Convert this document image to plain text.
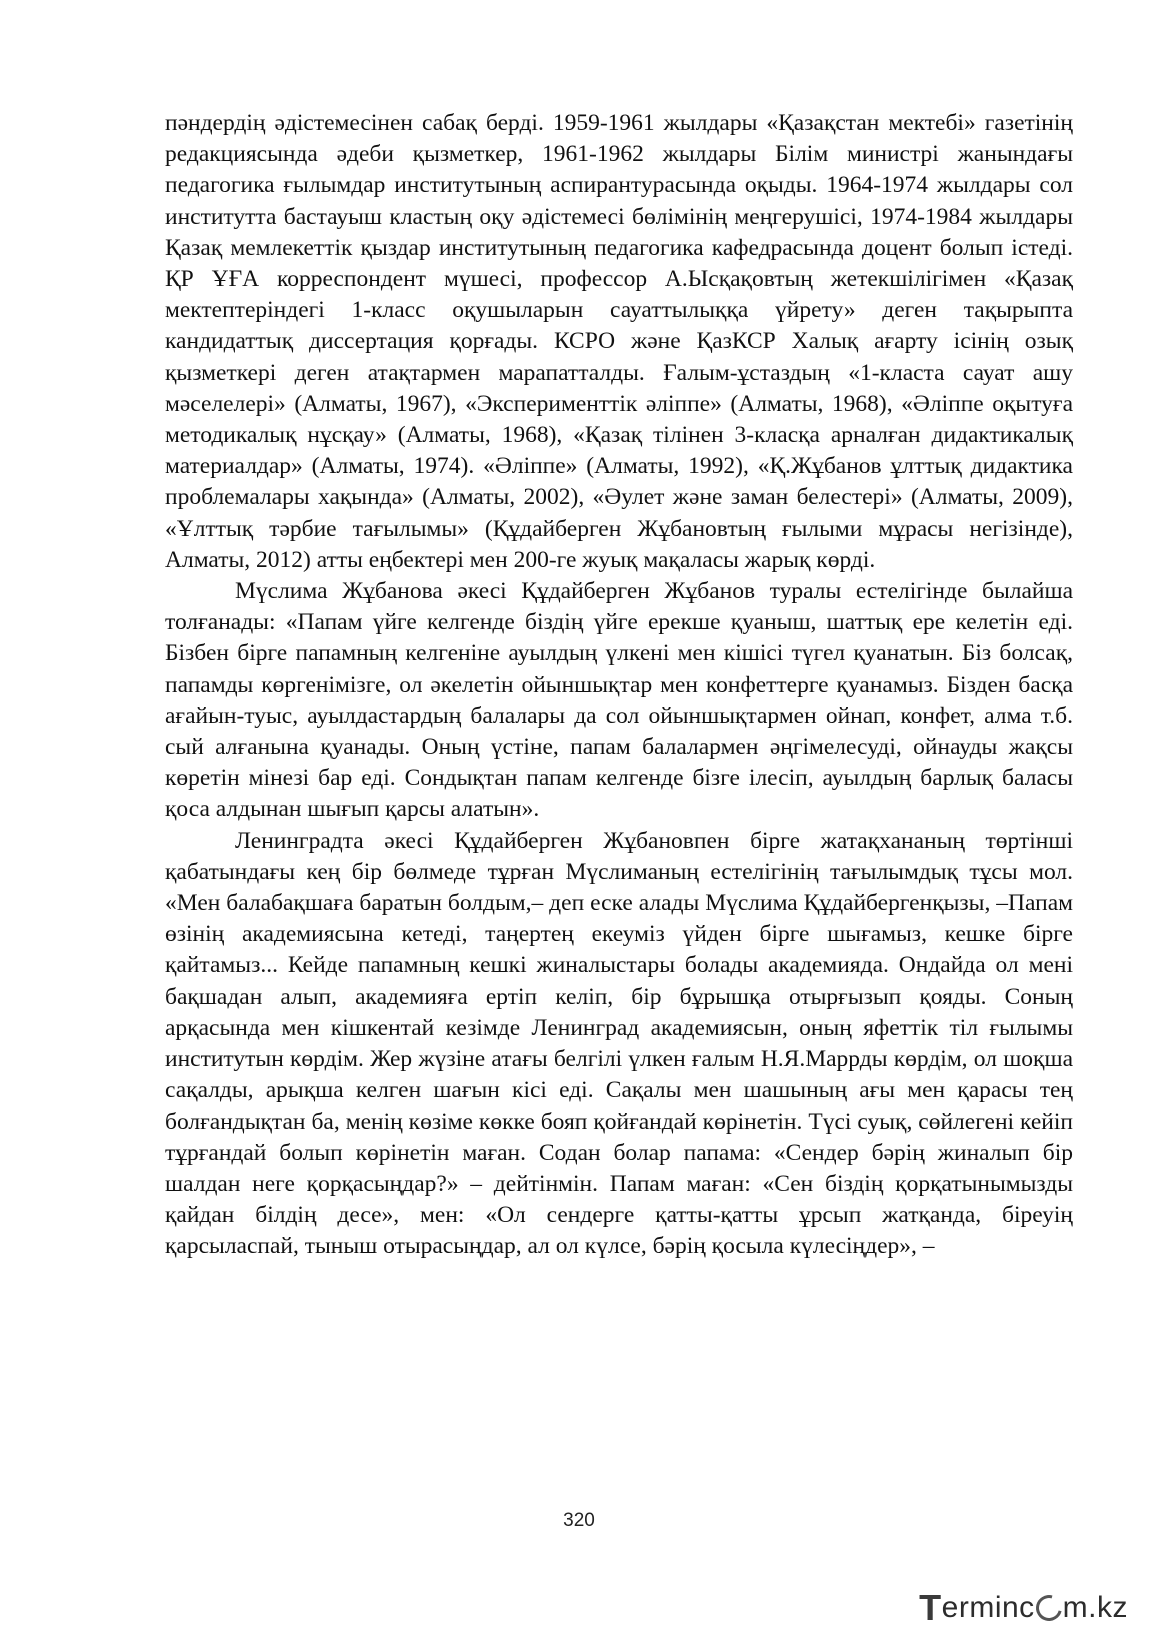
пәндердің әдістемесінен сабақ берді. 1959-1961 жылдары «Қазақстан мектебі» газетінің редакциясында әдеби қызметкер, 1961-1962 жылдары Білім министрі жанындағы педагогика ғылымдар институтының аспирантурасында оқыды. 1964-1974 жылдары сол институтта бастауыш кластың оқу әдістемесі бөлімінің меңгерушісі, 1974-1984 жылдары Қазақ мемлекеттік қыздар институтының педагогика кафедрасында доцент болып істеді. ҚР ҰҒА корреспондент мүшесі, профессор А.Ысқақовтың жетекшілігімен «Қазақ мектептеріндегі 1-класс оқушыларын сауаттылыққа үйрету» деген тақырыпта кандидаттық диссертация қорғады. КСРО және ҚазКСР Халық ағарту ісінің озық қызметкері деген атақтармен марапатталды. Ғалым-ұстаздың «1-класта сауат ашу мәселелері» (Алматы, 1967), «Эксперименттік әліппе» (Алматы, 1968), «Әліппе оқытуға методикалық нұсқау» (Алматы, 1968), «Қазақ тілінен 3-класқа арналған дидактикалық материалдар» (Алматы, 1974). «Әліппе» (Алматы, 1992), «Қ.Жұбанов ұлттық дидактика проблемалары хақында» (Алматы, 2002), «Әулет және заман белестері» (Алматы, 2009), «Ұлттық тәрбие тағылымы» (Құдайберген Жұбановтың ғылыми мұрасы негізінде), Алматы, 2012) атты еңбектері мен 200-ге жуық мақаласы жарық көрді.

Мүслима Жұбанова әкесі Құдайберген Жұбанов туралы естелігінде былайша толғанады: «Папам үйге келгенде біздің үйге ерекше қуаныш, шаттық ере келетін еді. Бізбен бірге папамның келгеніне ауылдың үлкені мен кішісі түгел қуанатын. Біз болсақ, папамды көргенімізге, ол әкелетін ойыншықтар мен конфеттерге қуанамыз. Бізден басқа ағайын-туыс, ауылдастардың балалары да сол ойыншықтармен ойнап, конфет, алма т.б. сый алғанына қуанады. Оның үстіне, папам балалармен әңгімелесуді, ойнауды жақсы көретін мінезі бар еді. Сондықтан папам келгенде бізге ілесіп, ауылдың барлық баласы қоса алдынан шығып қарсы алатын».

Ленинградта әкесі Құдайберген Жұбановпен бірге жатақхананың төртінші қабатындағы кең бір бөлмеде тұрған Мүслиманың естелігінің тағылымдық тұсы мол. «Мен балабақшаға баратын болдым,– деп еске алады Мүслима Құдайбергенқызы, –Папам өзінің академиясына кетеді, таңертең екеуміз үйден бірге шығамыз, кешке бірге қайтамыз... Кейде папамның кешкі жиналыстары болады академияда. Ондайда ол мені бақшадан алып, академияға ертіп келіп, бір бұрышқа отырғызып қояды. Соның арқасында мен кішкентай кезімде Ленинград академиясын, оның яфеттік тіл ғылымы институтын көрдім. Жер жүзіне атағы белгілі үлкен ғалым Н.Я.Маррды көрдім, ол шоқша сақалды, арықша келген шағын кісі еді. Сақалы мен шашының ағы мен қарасы тең болғандықтан ба, менің көзіме көкке бояп қойғандай көрінетін. Түсі суық, сөйлегені кейіп тұрғандай болып көрінетін маған. Содан болар папама: «Сендер бәрің жиналып бір шалдан неге қорқасыңдар?» – дейтінмін. Папам маған: «Сен біздің қорқатынымызды қайдан білдің десе», мен: «Ол сендерге қатты-қатты ұрсып жатқанда, біреуің қарсыласпай, тыныш отырасыңдар, ал ол күлсе, бәрің қосыла күлесіңдер», –

320
T erminc m.kz
